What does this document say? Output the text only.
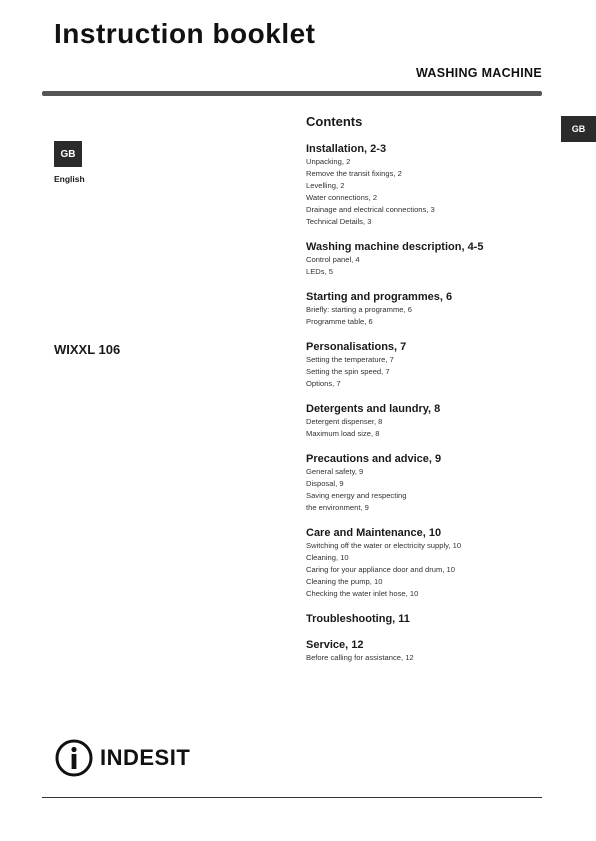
Instruction booklet
WASHING MACHINE
GB
English
GB
WIXXL 106
Contents
Installation, 2-3
Unpacking, 2
Remove the transit fixings, 2
Levelling, 2
Water connections, 2
Drainage and electrical connections, 3
Technical Details, 3
Washing machine description, 4-5
Control panel, 4
LEDs, 5
Starting and programmes, 6
Briefly: starting a programme, 6
Programme table, 6
Personalisations, 7
Setting the temperature, 7
Setting the spin speed, 7
Options, 7
Detergents and laundry, 8
Detergent dispenser, 8
Maximum load size, 8
Precautions and advice, 9
General safety, 9
Disposal, 9
Saving energy and respecting
the environment, 9
Care and Maintenance, 10
Switching off the water or electricity supply, 10
Cleaning, 10
Caring for your appliance door and drum, 10
Cleaning the pump, 10
Checking the water inlet hose, 10
Troubleshooting, 11
Service, 12
Before calling for assistance, 12
INDESIT
